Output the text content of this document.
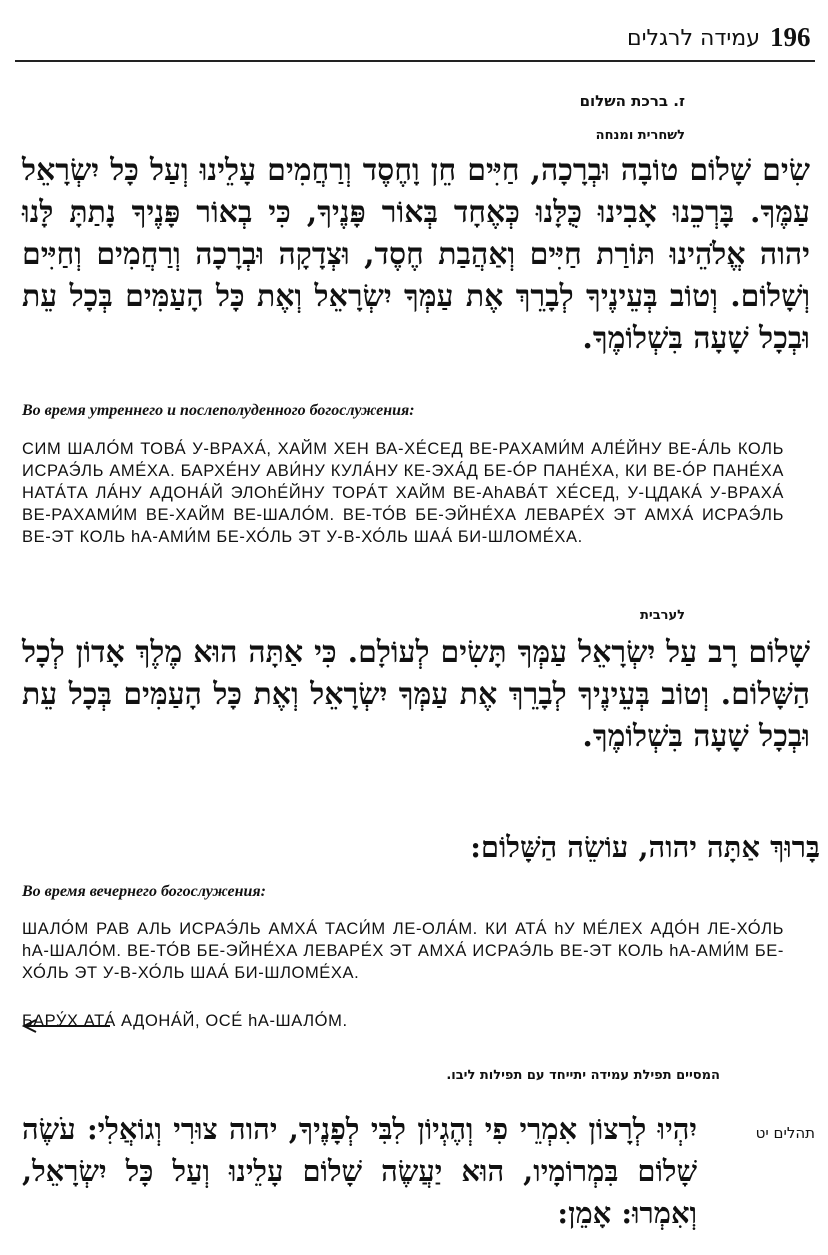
196
עמידה לרגלים
ז. ברכת השלום
לשחרית ומנחה
שִׂים שָׁלוֹם טוֹבָה וּבְרָכָה, חַיִּים חֵן וָחֶסֶד וְרַחֲמִים עָלֵינוּ וְעַל כָּל יִשְׂרָאֵל עַמֶּךָ. בָּרְכֵנוּ אָבִינוּ כֻּלָּנוּ כְּאֶחָד בְּאוֹר פָּנֶיךָ, כִּי בְאוֹר פָּנֶיךָ נָתַתָּ לָּנוּ יהוה אֱלֹהֵינוּ תּוֹרַת חַיִּים וְאַהֲבַת חֶסֶד, וּצְדָקָה וּבְרָכָה וְרַחֲמִים וְחַיִּים וְשָׁלוֹם. וְטוֹב בְּעֵינֶיךָ לְבָרֵךְ אֶת עַמְּךָ יִשְׂרָאֵל וְאֶת כָּל הָעַמִּים בְּכָל עֵת וּבְכָל שָׁעָה בִּשְׁלוֹמֶךָ.
Во время утреннего и послеполуденного богослужения:
СИМ ШАЛО́М ТОВА́ У-ВРАХА́, ХАЙМ ХЕН ВА-ХЕ́СЕД ВЕ-РАХАМИ́М АЛЕ́ЙНУ ВЕ-А́ЛЬ КОЛЬ ИСРАЭ́ЛЬ АМЕ́ХА. БАРХЕ́НУ АВИ́НУ КУЛА́НУ КЕ-ЭХА́Д БЕ-О́Р ПАНЕ́ХА, КИ ВЕ-О́Р ПАНЕ́ХА НАТА́ТА ЛА́НУ АДОНА́Й ЭЛОhЕ́ЙНУ ТОРА́Т ХАЙМ ВЕ-АhАВА́Т ХЕ́СЕД, У-ЦДАКА́ У-ВРАХА́ ВЕ-РАХАМИ́М ВЕ-ХАЙМ ВЕ-ШАЛО́М. ВЕ-ТО́В БЕ-ЭЙНЕ́ХА ЛЕВАРЕ́Х ЭТ АМХА́ ИСРАЭ́ЛЬ ВЕ-ЭТ КОЛЬ hА-АМИ́М БЕ-ХО́ЛЬ ЭТ У-В-ХО́ЛЬ ШАА́ БИ-ШЛОМЕ́ХА.
לערבית
שָׁלוֹם רָב עַל יִשְׂרָאֵל עַמְּךָ תָּשִׂים לְעוֹלָם. כִּי אַתָּה הוּא מֶלֶךְ אָדוֹן לְכָל הַשָּׁלוֹם. וְטוֹב בְּעֵינֶיךָ לְבָרֵךְ אֶת עַמְּךָ יִשְׂרָאֵל וְאֶת כָּל הָעַמִּים בְּכָל עֵת וּבְכָל שָׁעָה בִּשְׁלוֹמֶךָ.
בָּרוּךְ אַתָּה יהוה, עוֹשֵׂה הַשָּׁלוֹם:
Во время вечернего богослужения:
ШАЛО́М РАВ АЛЬ ИСРАЭ́ЛЬ АМХА́ ТАСИ́М ЛЕ-ОЛА́М. КИ АТА́ hУ МЕ́ЛЕХ АДО́Н ЛЕ-ХО́ЛЬ hА-ШАЛО́М. ВЕ-ТО́В БЕ-ЭЙНЕ́ХА ЛЕВАРЕ́Х ЭТ АМХА́ ИСРАЭ́ЛЬ ВЕ-ЭТ КОЛЬ hА-АМИ́М БЕ-ХО́ЛЬ ЭТ У-В-ХО́ЛЬ ШАА́ БИ-ШЛОМЕ́ХА.
БАРУ́Х АТА́ АДОНА́Й, ОСЕ́ hА-ШАЛО́М.
המסיים תפילת עמידה יתייחד עם תפילות ליבו.
תהלים יט
יִהְיוּ לְרָצוֹן אִמְרֵי פִי וְהֶגְיוֹן לִבִּי לְפָנֶיךָ, יהוה צוּרִי וְגוֹאֲלִי: עֹשֶׂה שָׁלוֹם בִּמְרוֹמָיו, הוּא יַעֲשֶׂה שָׁלוֹם עָלֵינוּ וְעַל כָּל יִשְׂרָאֵל, וְאִמְרוּ: אָמֵן:
